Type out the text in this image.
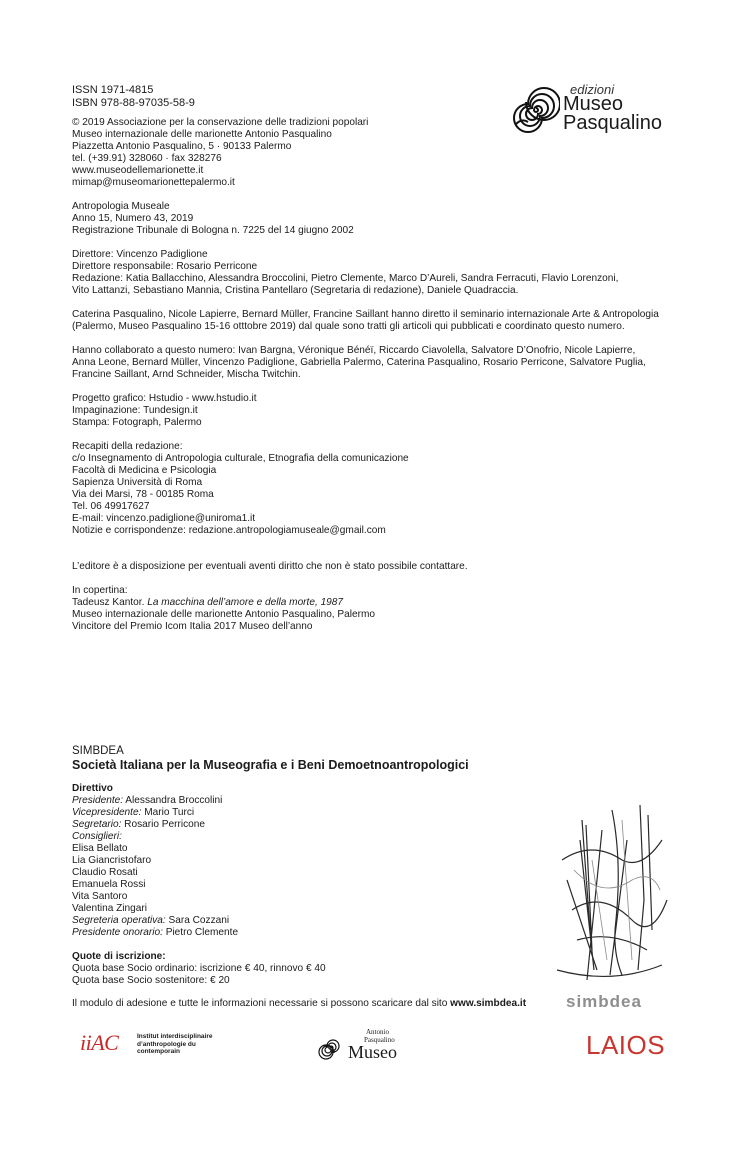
edizioni
Museo
Pasqualino
ISSN 1971-4815
ISBN 978-88-97035-58-9
© 2019 Associazione per la conservazione delle tradizioni popolari
Museo internazionale delle marionette Antonio Pasqualino
Piazzetta Antonio Pasqualino, 5 · 90133 Palermo
tel. (+39.91) 328060 · fax 328276
www.museodellemarionette.it
mimap@museomarionettepalermo.it
Antropologia Museale
Anno 15, Numero 43, 2019
Registrazione Tribunale di Bologna n. 7225 del 14 giugno 2002
Direttore: Vincenzo Padiglione
Direttore responsabile: Rosario Perricone
Redazione: Katia Ballacchino, Alessandra Broccolini, Pietro Clemente, Marco D’Aureli, Sandra Ferracuti, Flavio Lorenzoni,
Vito Lattanzi, Sebastiano Mannia, Cristina Pantellaro (Segretaria di redazione), Daniele Quadraccia.
Caterina Pasqualino, Nicole Lapierre, Bernard Müller, Francine Saillant hanno diretto il seminario internazionale Arte & Antropologia
(Palermo, Museo Pasqualino 15-16 otttobre 2019) dal quale sono tratti gli articoli qui pubblicati e coordinato questo numero.
Hanno collaborato a questo numero: Ivan Bargna, Véronique Bénéï, Riccardo Ciavolella, Salvatore D’Onofrio, Nicole Lapierre,
Anna Leone, Bernard Müller, Vincenzo Padiglione, Gabriella Palermo, Caterina Pasqualino, Rosario Perricone, Salvatore Puglia,
Francine Saillant, Arnd Schneider, Mischa Twitchin.
Progetto grafico: Hstudio - www.hstudio.it
Impaginazione: Tundesign.it
Stampa: Fotograph, Palermo
Recapiti della redazione:
c/o Insegnamento di Antropologia culturale, Etnografia della comunicazione
Facoltà di Medicina e Psicologia
Sapienza Università di Roma
Via dei Marsi, 78 - 00185 Roma
Tel. 06 49917627
E-mail: vincenzo.padiglione@uniroma1.it
Notizie e corrispondenze: redazione.antropologiamuseale@gmail.com
L’editore è a disposizione per eventuali aventi diritto che non è stato possibile contattare.
In copertina:
Tadeusz Kantor. La macchina dell’amore e della morte, 1987
Museo internazionale delle marionette Antonio Pasqualino, Palermo
Vincitore del Premio Icom Italia 2017 Museo dell’anno
SIMBDEA
Società Italiana per la Museografia e i Beni Demoetnoantropologici
Direttivo
Presidente: Alessandra Broccolini
Vicepresidente: Mario Turci
Segretario: Rosario Perricone
Consiglieri:
Elisa Bellato
Lia Giancristofaro
Claudio Rosati
Emanuela Rossi
Vita Santoro
Valentina Zingari
Segreteria operativa: Sara Cozzani
Presidente onorario: Pietro Clemente
Quote di iscrizione:
Quota base Socio ordinario: iscrizione € 40, rinnovo € 40
Quota base Socio sostenitore: € 20
Il modulo di adesione e tutte le informazioni necessarie si possono scaricare dal sito www.simbdea.it simbdea
iiAC	Institut interdisciplinaire
d’anthropologie du
contemporain
Antonio
Pasqualino
Museo	LAIOS
